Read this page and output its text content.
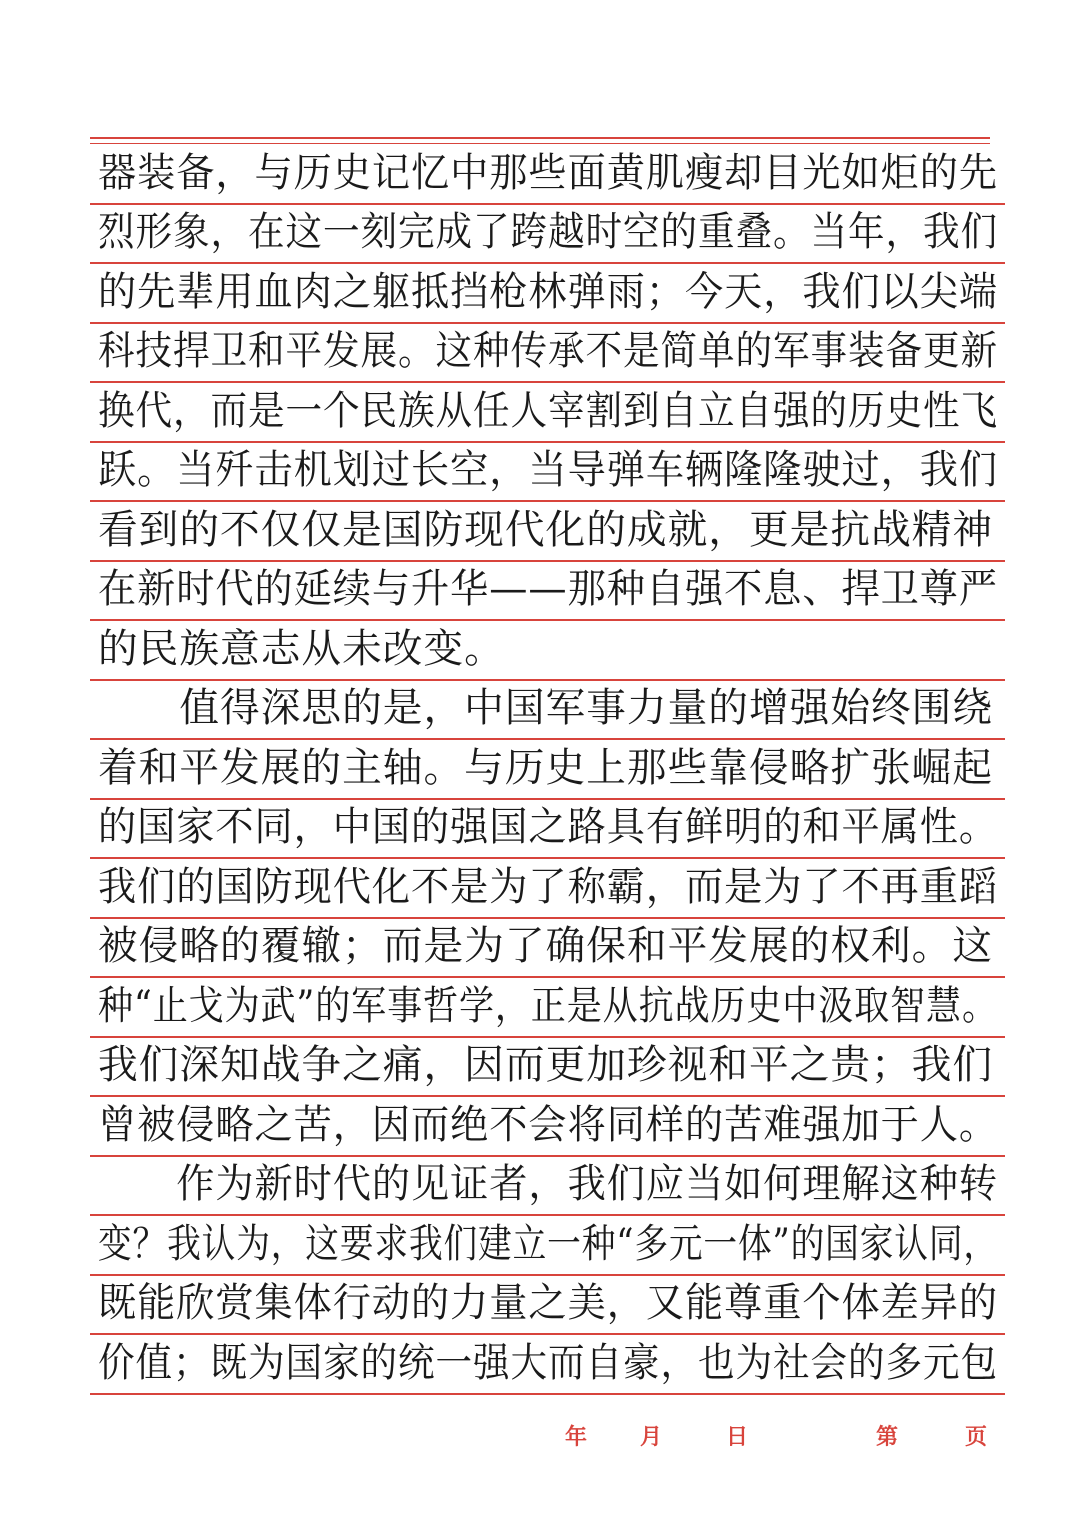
器装备，与历史记忆中那些面黄肌瘦却目光如炬的先
烈形象，在这一刻完成了跨越时空的重叠。当年，我们
的先辈用血肉之躯抵挡枪林弹雨；今天，我们以尖端
科技捍卫和平发展。这种传承不是简单的军事装备更新
换代，而是一个民族从任人宰割到自立自强的历史性飞
跃。当歼击机划过长空，当导弹车辆隆隆驶过，我们
看到的不仅仅是国防现代化的成就，更是抗战精神
在新时代的延续与升华——那种自强不息、捍卫尊严
的民族意志从未改变。
　　值得深思的是，中国军事力量的增强始终围绕
着和平发展的主轴。与历史上那些靠侵略扩张崛起
的国家不同，中国的强国之路具有鲜明的和平属性。
我们的国防现代化不是为了称霸，而是为了不再重蹈
被侵略的覆辙；而是为了确保和平发展的权利。这
种“止戈为武”的军事哲学，正是从抗战历史中汲取智慧。
我们深知战争之痛，因而更加珍视和平之贵；我们
曾被侵略之苦，因而绝不会将同样的苦难强加于人。
　　作为新时代的见证者，我们应当如何理解这种转
变？我认为，这要求我们建立一种“多元一体”的国家认同，
既能欣赏集体行动的力量之美，又能尊重个体差异的
价值；既为国家的统一强大而自豪，也为社会的多元包
年 月	日	第	页
